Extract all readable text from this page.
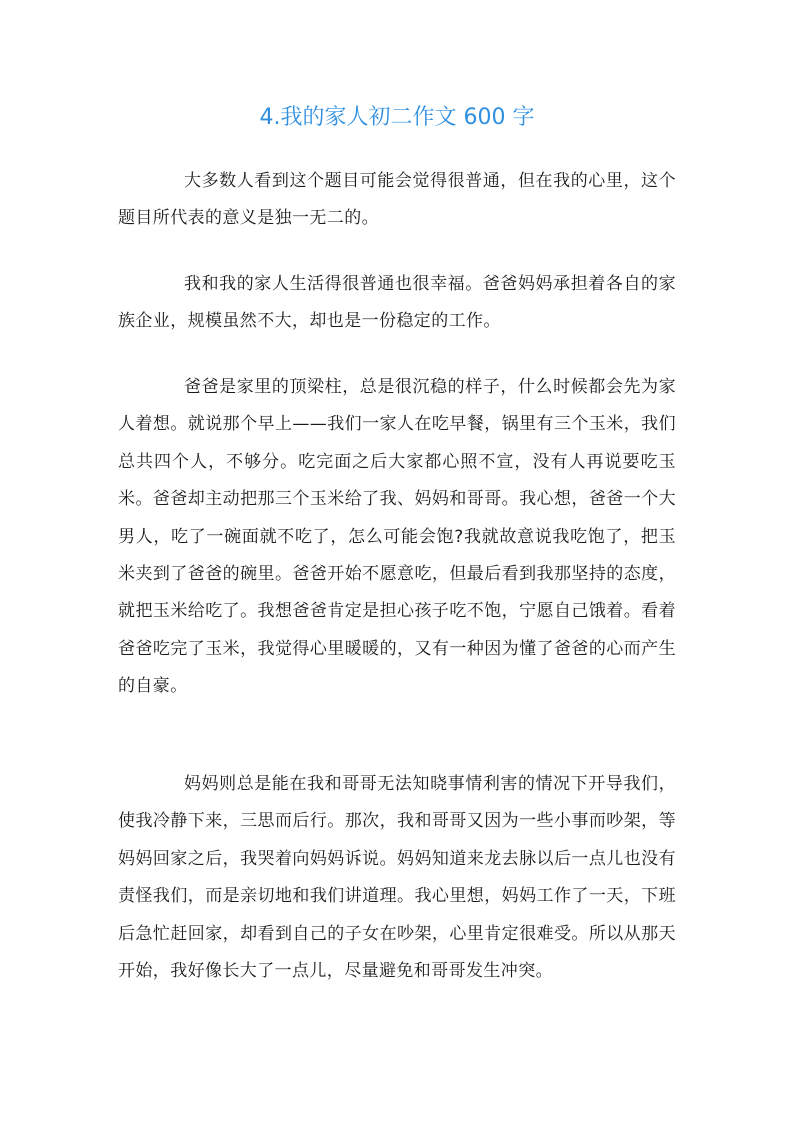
4.我的家人初二作文 600 字

大多数人看到这个题目可能会觉得很普通，但在我的心里，这个题目所代表的意义是独一无二的。

我和我的家人生活得很普通也很幸福。爸爸妈妈承担着各自的家族企业，规模虽然不大，却也是一份稳定的工作。

爸爸是家里的顶梁柱，总是很沉稳的样子，什么时候都会先为家人着想。就说那个早上——我们一家人在吃早餐，锅里有三个玉米，我们总共四个人，不够分。吃完面之后大家都心照不宣，没有人再说要吃玉米。爸爸却主动把那三个玉米给了我、妈妈和哥哥。我心想，爸爸一个大男人，吃了一碗面就不吃了，怎么可能会饱?我就故意说我吃饱了，把玉米夹到了爸爸的碗里。爸爸开始不愿意吃，但最后看到我那坚持的态度，就把玉米给吃了。我想爸爸肯定是担心孩子吃不饱，宁愿自己饿着。看着爸爸吃完了玉米，我觉得心里暖暖的，又有一种因为懂了爸爸的心而产生的自豪。

妈妈则总是能在我和哥哥无法知晓事情利害的情况下开导我们，使我冷静下来，三思而后行。那次，我和哥哥又因为一些小事而吵架，等妈妈回家之后，我哭着向妈妈诉说。妈妈知道来龙去脉以后一点儿也没有责怪我们，而是亲切地和我们讲道理。我心里想，妈妈工作了一天，下班后急忙赶回家，却看到自己的子女在吵架，心里肯定很难受。所以从那天开始，我好像长大了一点儿，尽量避免和哥哥发生冲突。
